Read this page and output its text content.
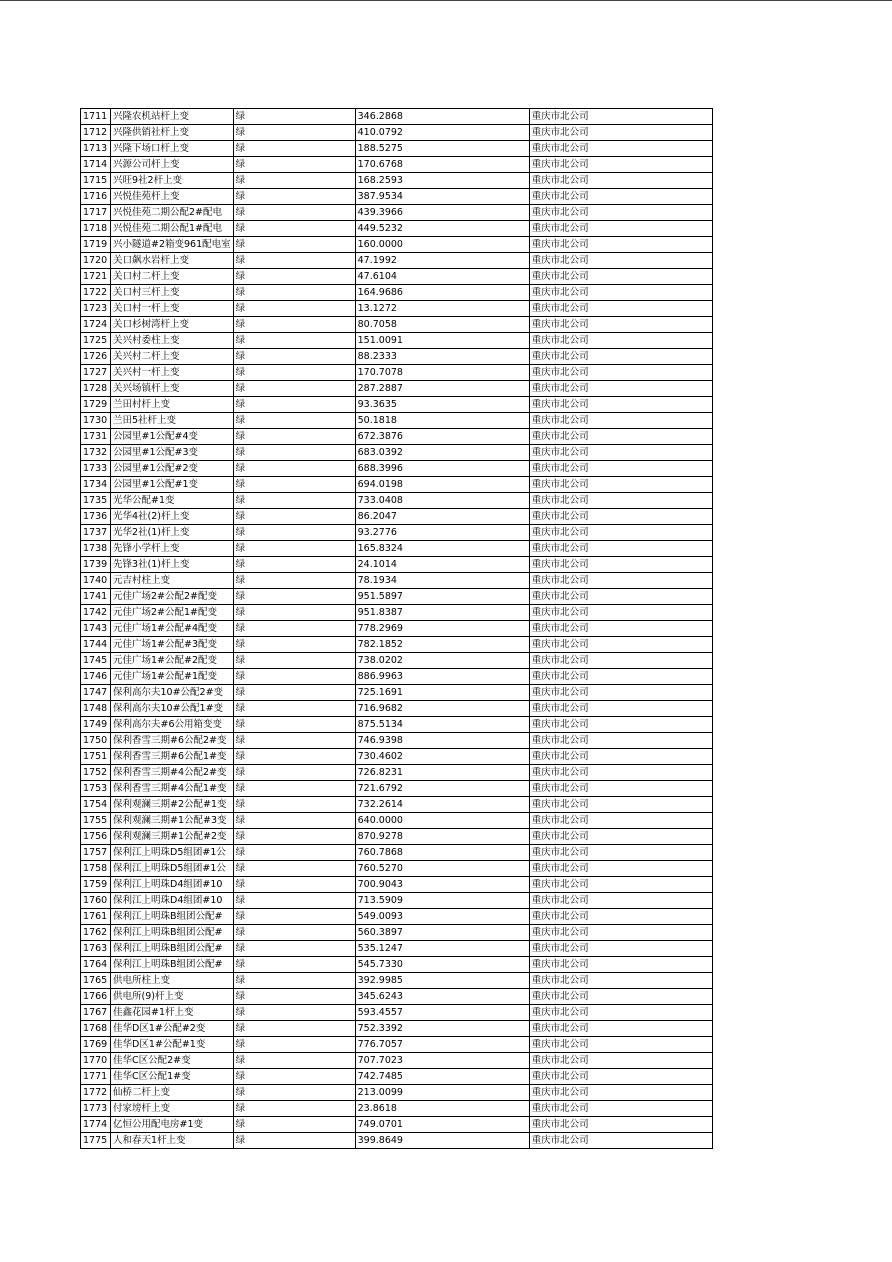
1711	兴隆农机站杆上变	绿	346.2868	重庆市北公司
1712	兴隆供销社杆上变	绿	410.0792	重庆市北公司
1713	兴隆下场口杆上变	绿	188.5275	重庆市北公司
1714	兴源公司杆上变	绿	170.6768	重庆市北公司
1715	兴旺9社2杆上变	绿	168.2593	重庆市北公司
1716	兴悦佳苑杆上变	绿	387.9534	重庆市北公司
1717	兴悦佳苑二期公配2#配电	绿	439.3966	重庆市北公司
1718	兴悦佳苑二期公配1#配电	绿	449.5232	重庆市北公司
1719	兴小隧道#2箱变961配电室	绿	160.0000	重庆市北公司
1720	关口飙水岩杆上变	绿	47.1992	重庆市北公司
1721	关口村二杆上变	绿	47.6104	重庆市北公司
1722	关口村三杆上变	绿	164.9686	重庆市北公司
1723	关口村一杆上变	绿	13.1272	重庆市北公司
1724	关口杉树湾杆上变	绿	80.7058	重庆市北公司
1725	关兴村委柱上变	绿	151.0091	重庆市北公司
1726	关兴村二杆上变	绿	88.2333	重庆市北公司
1727	关兴村一杆上变	绿	170.7078	重庆市北公司
1728	关兴场镇杆上变	绿	287.2887	重庆市北公司
1729	兰田村杆上变	绿	93.3635	重庆市北公司
1730	兰田5社杆上变	绿	50.1818	重庆市北公司
1731	公园里#1公配#4变	绿	672.3876	重庆市北公司
1732	公园里#1公配#3变	绿	683.0392	重庆市北公司
1733	公园里#1公配#2变	绿	688.3996	重庆市北公司
1734	公园里#1公配#1变	绿	694.0198	重庆市北公司
1735	光华公配#1变	绿	733.0408	重庆市北公司
1736	光华4社(2)杆上变	绿	86.2047	重庆市北公司
1737	光华2社(1)杆上变	绿	93.2776	重庆市北公司
1738	先锋小学杆上变	绿	165.8324	重庆市北公司
1739	先锋3社(1)杆上变	绿	24.1014	重庆市北公司
1740	元吉村柱上变	绿	78.1934	重庆市北公司
1741	元佳广场2#公配2#配变	绿	951.5897	重庆市北公司
1742	元佳广场2#公配1#配变	绿	951.8387	重庆市北公司
1743	元佳广场1#公配#4配变	绿	778.2969	重庆市北公司
1744	元佳广场1#公配#3配变	绿	782.1852	重庆市北公司
1745	元佳广场1#公配#2配变	绿	738.0202	重庆市北公司
1746	元佳广场1#公配#1配变	绿	886.9963	重庆市北公司
1747	保利高尔夫10#公配2#变	绿	725.1691	重庆市北公司
1748	保利高尔夫10#公配1#变	绿	716.9682	重庆市北公司
1749	保利高尔夫#6公用箱变变	绿	875.5134	重庆市北公司
1750	保利香雪三期#6公配2#变	绿	746.9398	重庆市北公司
1751	保利香雪三期#6公配1#变	绿	730.4602	重庆市北公司
1752	保利香雪三期#4公配2#变	绿	726.8231	重庆市北公司
1753	保利香雪三期#4公配1#变	绿	721.6792	重庆市北公司
1754	保利观澜三期#2公配#1变	绿	732.2614	重庆市北公司
1755	保利观澜三期#1公配#3变	绿	640.0000	重庆市北公司
1756	保利观澜三期#1公配#2变	绿	870.9278	重庆市北公司
1757	保利江上明珠D5组团#1公	绿	760.7868	重庆市北公司
1758	保利江上明珠D5组团#1公	绿	760.5270	重庆市北公司
1759	保利江上明珠D4组团#10	绿	700.9043	重庆市北公司
1760	保利江上明珠D4组团#10	绿	713.5909	重庆市北公司
1761	保利江上明珠B组团公配#	绿	549.0093	重庆市北公司
1762	保利江上明珠B组团公配#	绿	560.3897	重庆市北公司
1763	保利江上明珠B组团公配#	绿	535.1247	重庆市北公司
1764	保利江上明珠B组团公配#	绿	545.7330	重庆市北公司
1765	供电所柱上变	绿	392.9985	重庆市北公司
1766	供电所(9)杆上变	绿	345.6243	重庆市北公司
1767	佳鑫花园#1杆上变	绿	593.4557	重庆市北公司
1768	佳华D区1#公配#2变	绿	752.3392	重庆市北公司
1769	佳华D区1#公配#1变	绿	776.7057	重庆市北公司
1770	佳华C区公配2#变	绿	707.7023	重庆市北公司
1771	佳华C区公配1#变	绿	742.7485	重庆市北公司
1772	仙桥二杆上变	绿	213.0099	重庆市北公司
1773	付家塝杆上变	绿	23.8618	重庆市北公司
1774	亿恒公用配电房#1变	绿	749.0701	重庆市北公司
1775	人和春天1杆上变	绿	399.8649	重庆市北公司
